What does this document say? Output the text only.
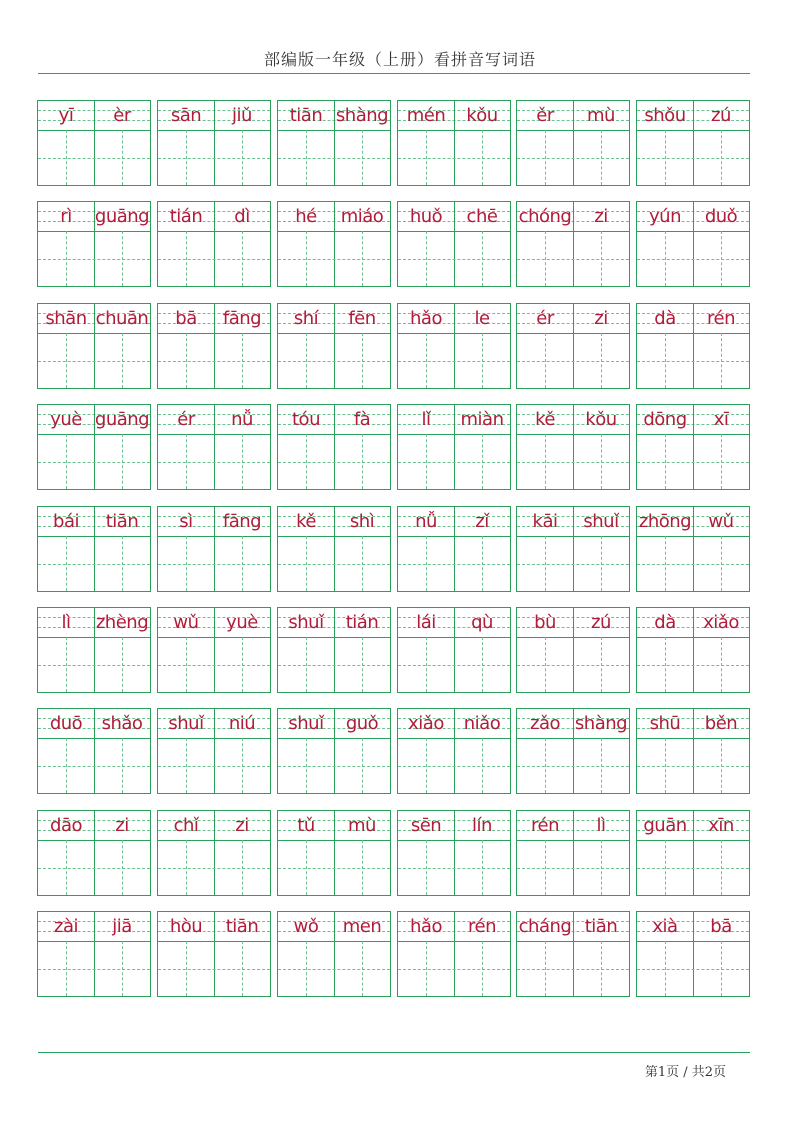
部编版一年级（上册）看拼音写词语
yī	èr	sān	jiǔ	tiān shàng	mén	kǒu	ěr	mù	shǒu	zú
rì	guāng	tián	dì	hé	miáo	huǒ	chē	chóng	zi	yún	duǒ
shān chuān	bā	fāng	shí	fēn	hǎo	le	ér	zi	dà	rén
yuè guāng	ér	nǚ	tóu	fà	lǐ	miàn	kě	kǒu	dōng	xī
bái	tiān	sì	fāng	kě	shì	nǚ	zǐ	kāi	shuǐ	zhōng wǔ
lì	zhèng	wǔ	yuè	shuǐ	tián	lái	qù	bù	zú	dà	xiǎo
duō	shǎo	shuǐ	niú	shuǐ	guǒ	xiǎo	niǎo	zǎo shàng	shū	běn
dāo	zi	chǐ	zi	tǔ	mù	sēn	lín	rén	lì	guān	xīn
zài	jiā	hòu	tiān	wǒ	men	hǎo	rén	cháng tiān	xià	bā
第1页 / 共2页
